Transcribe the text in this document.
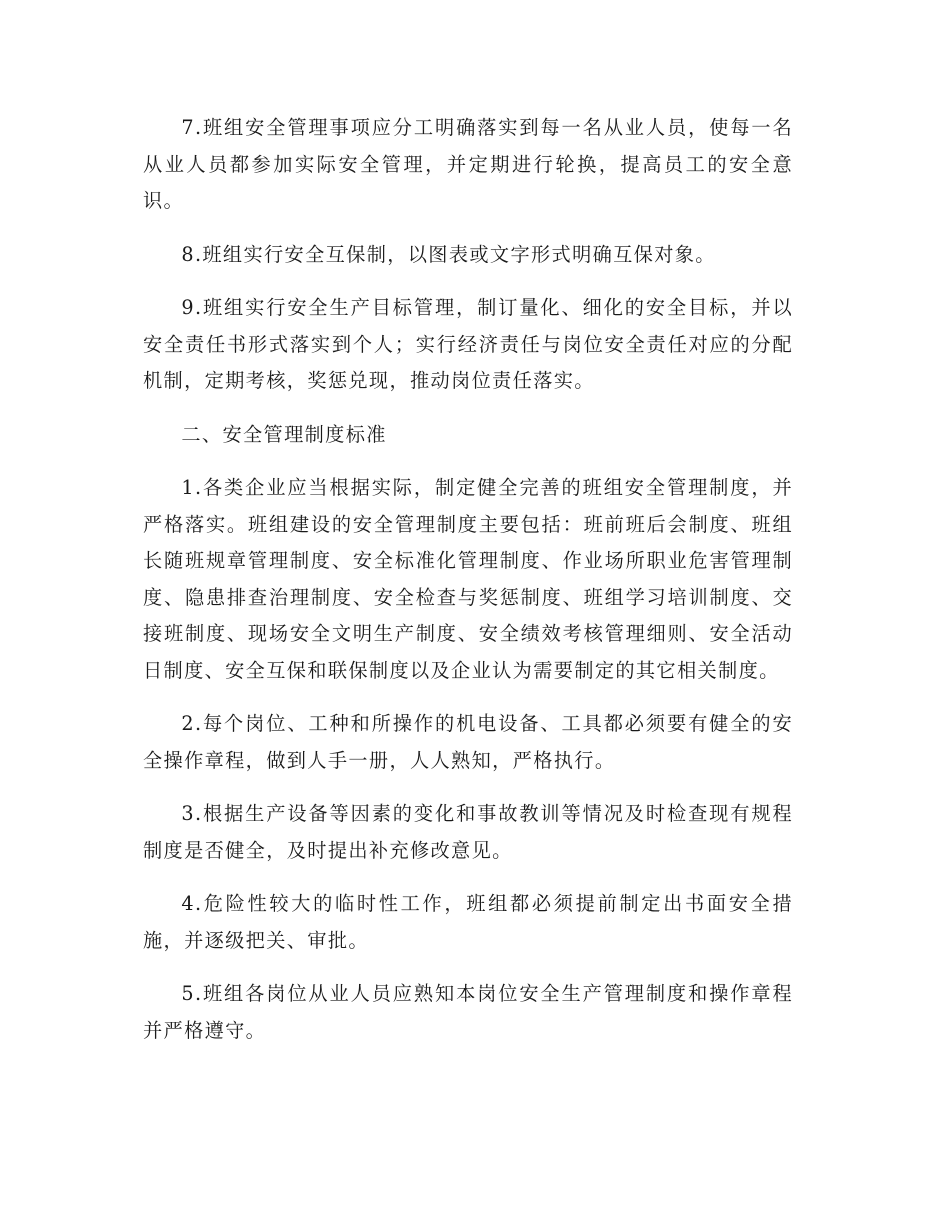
7.班组安全管理事项应分工明确落实到每一名从业人员，使每一名从业人员都参加实际安全管理，并定期进行轮换，提高员工的安全意识。

8.班组实行安全互保制，以图表或文字形式明确互保对象。

9.班组实行安全生产目标管理，制订量化、细化的安全目标，并以安全责任书形式落实到个人；实行经济责任与岗位安全责任对应的分配机制，定期考核，奖惩兑现，推动岗位责任落实。

二、安全管理制度标准

1.各类企业应当根据实际，制定健全完善的班组安全管理制度，并严格落实。班组建设的安全管理制度主要包括：班前班后会制度、班组长随班规章管理制度、安全标准化管理制度、作业场所职业危害管理制度、隐患排查治理制度、安全检查与奖惩制度、班组学习培训制度、交接班制度、现场安全文明生产制度、安全绩效考核管理细则、安全活动日制度、安全互保和联保制度以及企业认为需要制定的其它相关制度。

2.每个岗位、工种和所操作的机电设备、工具都必须要有健全的安全操作章程，做到人手一册，人人熟知，严格执行。

3.根据生产设备等因素的变化和事故教训等情况及时检查现有规程制度是否健全，及时提出补充修改意见。

4.危险性较大的临时性工作，班组都必须提前制定出书面安全措施，并逐级把关、审批。

5.班组各岗位从业人员应熟知本岗位安全生产管理制度和操作章程并严格遵守。
